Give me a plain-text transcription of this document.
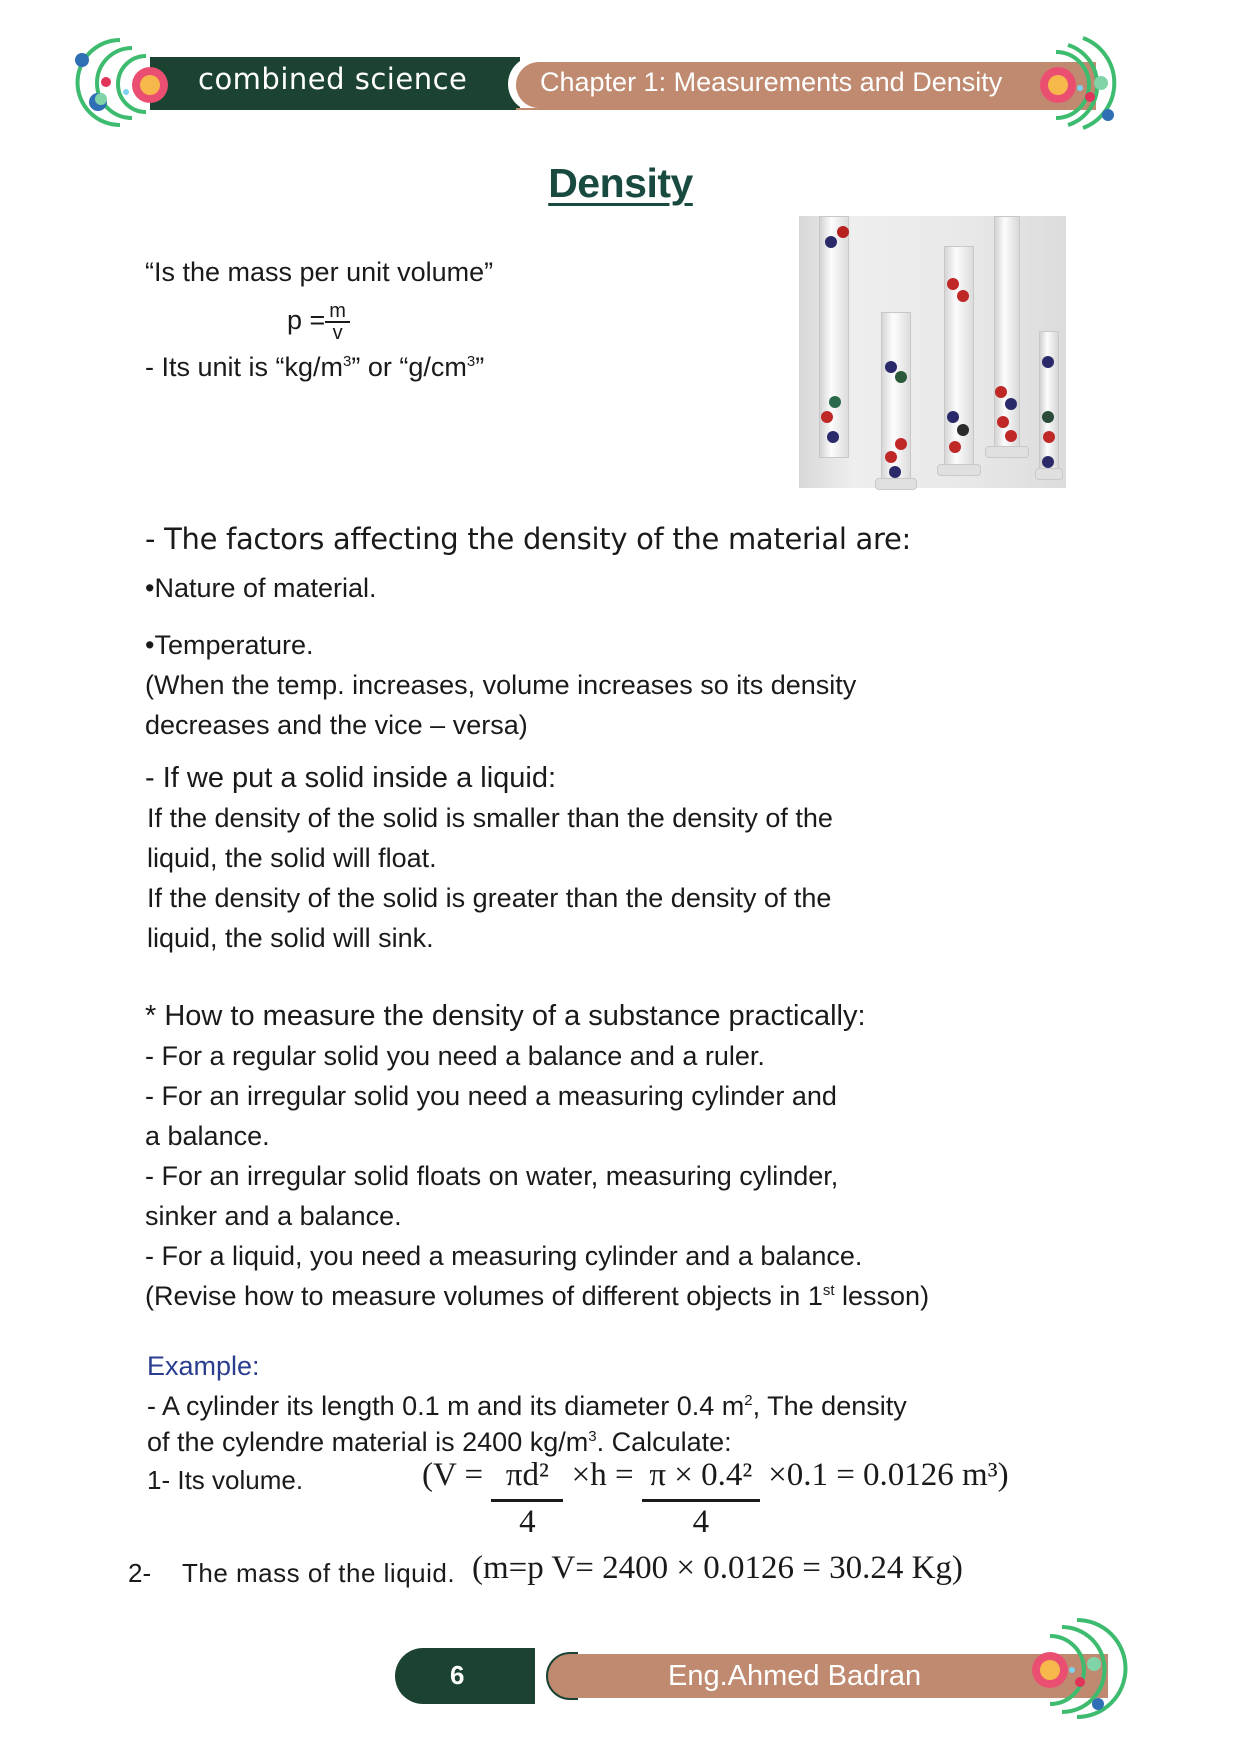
combined science	Chapter 1: Measurements and Density
Density
“Is the mass per unit volume”
$p = \frac{m}{v}$
- Its unit is “$kg/m^3$” or “$g/cm^3$”
- The factors affecting the density of the material are:
•Nature of material.
•Temperature.
(When the temp. increases, volume increases so its density
decreases and the vice – versa)
- If we put a solid inside a liquid:
If the density of the solid is smaller than the density of the
liquid, the solid will float.
If the density of the solid is greater than the density of the
liquid, the solid will sink.
* How to measure the density of a substance practically:
- For a regular solid you need a balance and a ruler.
- For an irregular solid you need a measuring cylinder and
a balance.
- For an irregular solid floats on water, measuring cylinder,
sinker and a balance.
- For a liquid, you need a measuring cylinder and a balance.
(Revise how to measure volumes of different objects in 1st lesson)
Example:
- A cylinder its length 0.1 m and its diameter 0.4 $m^2$, The density
of the cylendre material is 2400 $kg/m^3$. Calculate:
1- Its volume.	($V = \frac{\text{πd²}}{4} \times h = \frac{\text{π × 0.4²}}{4} \times 0.1 = 0.0126$ m³)
2- The mass of the liquid. (m=p V= 2400 × 0.0126 = 30.24 Kg)
6	Eng.Ahmed Badran
